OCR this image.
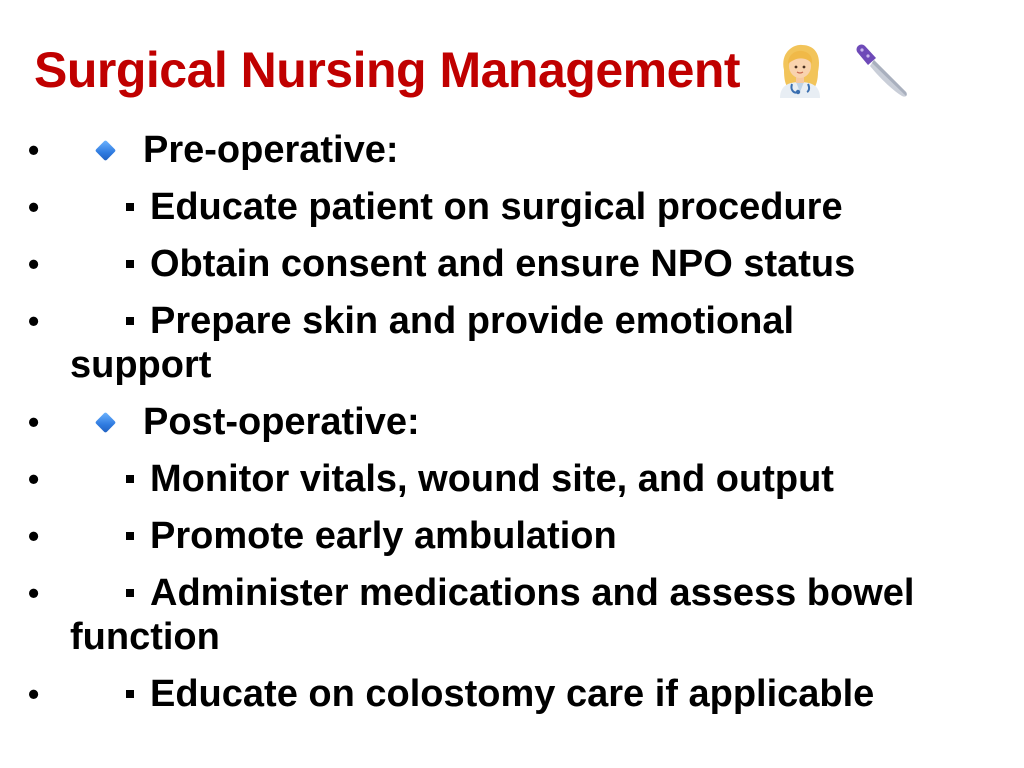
Surgical Nursing Management
•	Pre-operative:
•	Educate patient on surgical procedure
•	Obtain consent and ensure NPO status
•	Prepare skin and provide emotional support
•	Post-operative:
•	Monitor vitals, wound site, and output
•	Promote early ambulation
•	Administer medications and assess bowel function
•	Educate on colostomy care if applicable
